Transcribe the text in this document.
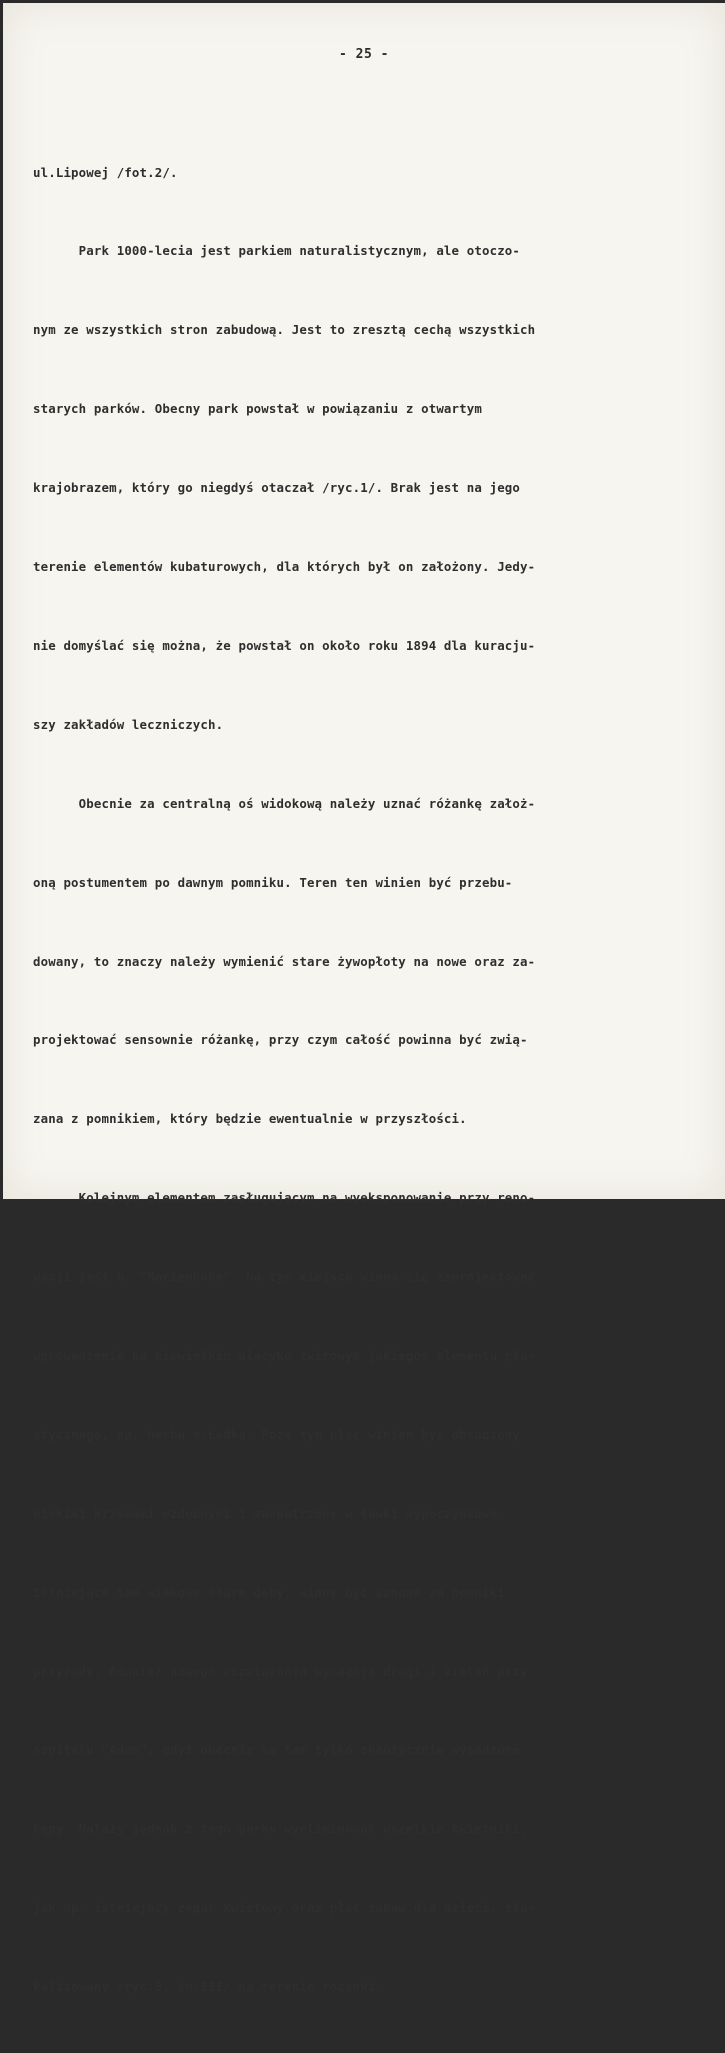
- 25 -

ul.Lipowej /fot.2/.

Park 1000-lecia jest parkiem naturalistycznym, ale otoczo-

nym ze wszystkich stron zabudową. Jest to zresztą cechą wszystkich

starych parków. Obecny park powstał w powiązaniu z otwartym

krajobrazem, który go niegdyś otaczał /ryc.1/. Brak jest na jego

terenie elementów kubaturowych, dla których był on założony. Jedy-

nie domyślać się można, że powstał on około roku 1894 dla kuracju-

szy zakładów leczniczych.

Obecnie za centralną oś widokową należy uznać różankę założ-

oną postumentem po dawnym pomniku. Teren ten winien być przebu-

dowany, to znaczy należy wymienić stare żywopłoty na nowe oraz za-

projektować sensownie różankę, przy czym całość powinna być zwią-

zana z pomnikiem, który będzie ewentualnie w przyszłości.

Kolejnym elementem zasługującym na wyeksponowanie przy reno-

wacji jest b. "Marienhöhe". Na tym miejscu winno się zaprojektować

wprowadzenie na niewielkim placyku żwirowym jakiegoś elementu pla-

stycznego, np. herbu m.Lądka. Poza tym plac winien być obsadzony

niskimi krzewami ozdobnymi i zaopatrzony w ławki wypoczynkowe.

Istniejące tam wiekowe stare dęby, winny być uznane za pomniki

przyrody. Również nowego rozwiązania wymagają drogi i zieleń przy

szpitalu "Adam", gdyż obecnie są tam tylko chaotycznie wysadzone

kępy. Należy jednak z tego parku wyeliminować wszelkie kwietniki,

jak np. istniejący zegar kwietowy oraz plac zabaw dla dzieci, zlo-

kalizowany /ryc.3, km.III/ na terenie różanki.
